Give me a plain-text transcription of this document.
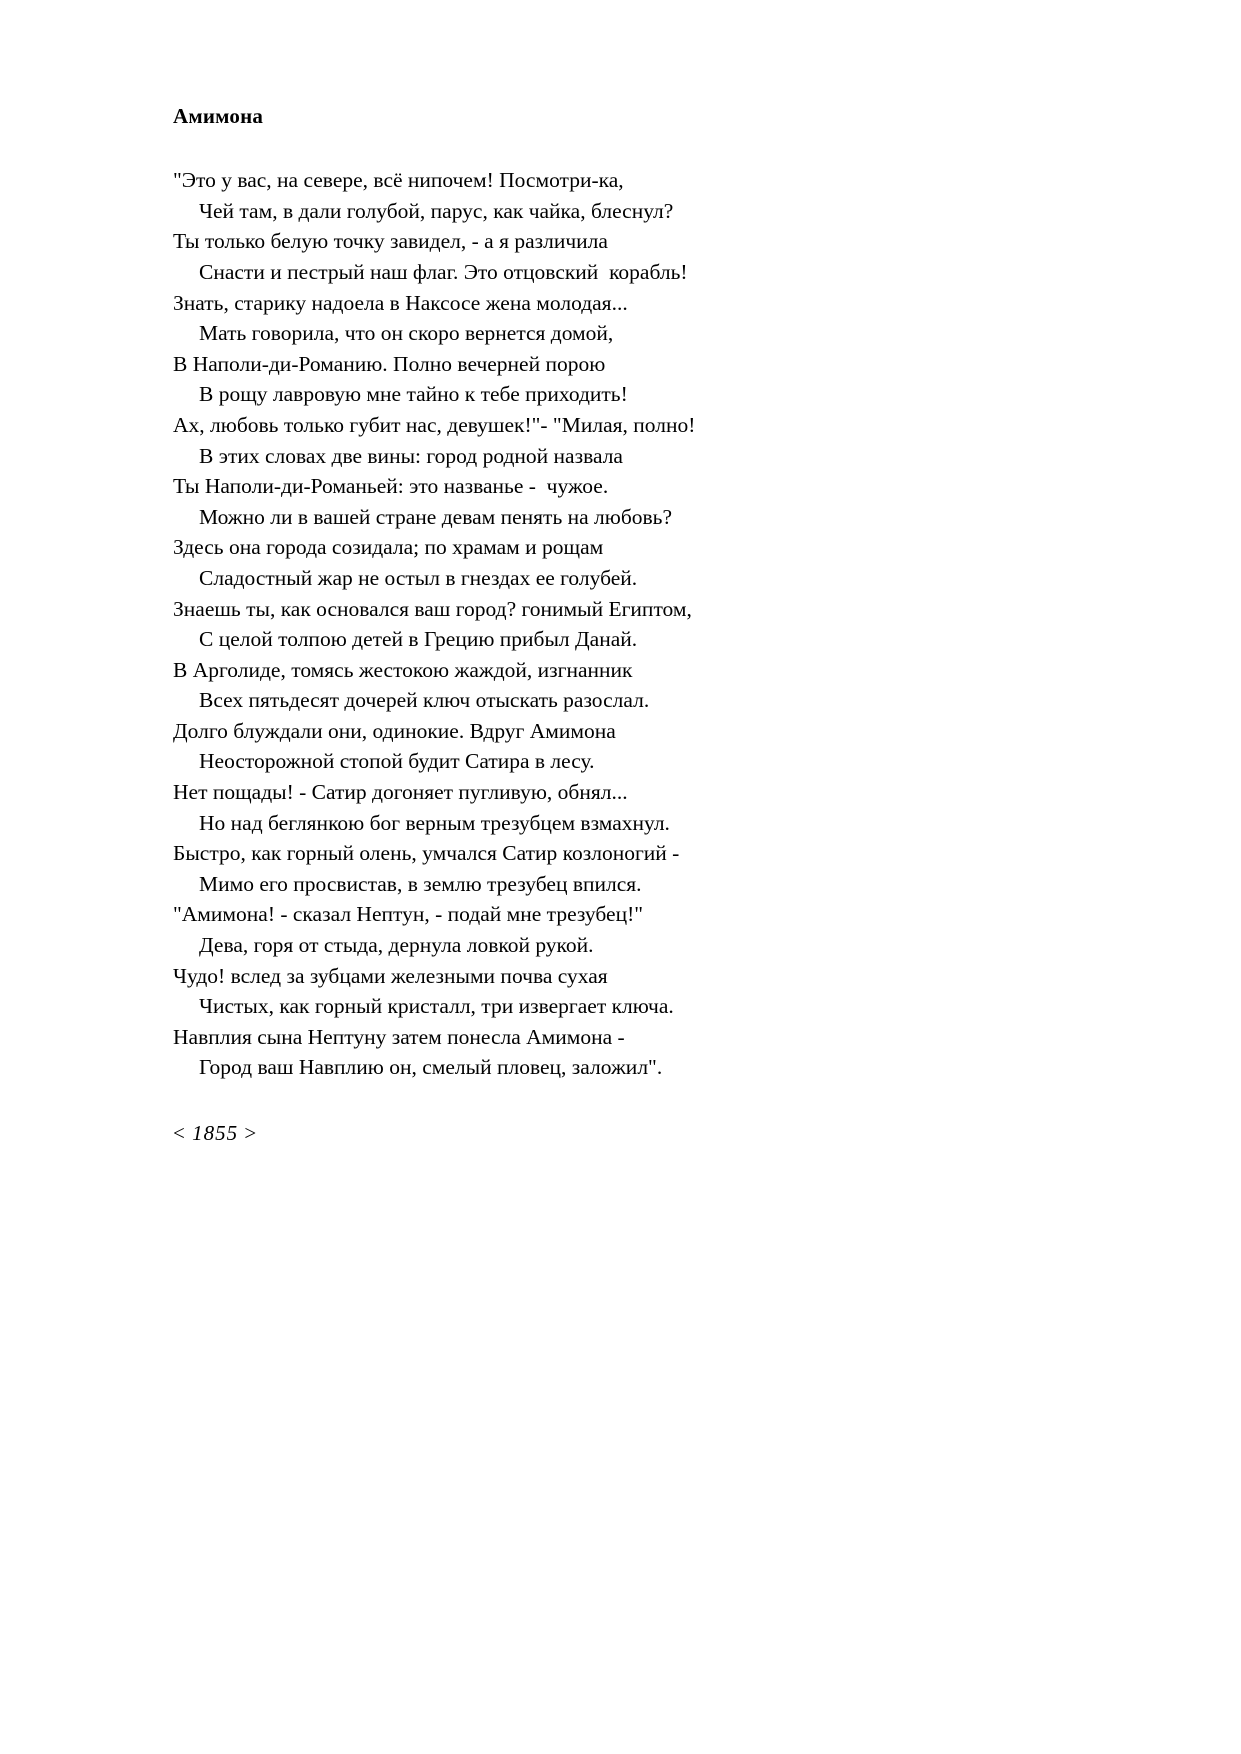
Амимона
"Это у вас, на севере, всё нипочем! Посмотри-ка,
Чей там, в дали голубой, парус, как чайка, блеснул?
Ты только белую точку завидел, - а я различила
Снасти и пестрый наш флаг. Это отцовский  корабль!
Знать, старику надоела в Наксосе жена молодая...
Мать говорила, что он скоро вернется домой,
В Наполи-ди-Романию. Полно вечерней порою
В рощу лавровую мне тайно к тебе приходить!
Ах, любовь только губит нас, девушек!"- "Милая, полно!
В этих словах две вины: город родной назвала
Ты Наполи-ди-Романьей: это названье -  чужое.
Можно ли в вашей стране девам пенять на любовь?
Здесь она города созидала; по храмам и рощам
Сладостный жар не остыл в гнездах ее голубей.
Знаешь ты, как основался ваш город? гонимый Египтом,
С целой толпою детей в Грецию прибыл Данай.
В Арголиде, томясь жестокою жаждой, изгнанник
Всех пятьдесят дочерей ключ отыскать разослал.
Долго блуждали они, одинокие. Вдруг Амимона
Неосторожной стопой будит Сатира в лесу.
Нет пощады! - Сатир догоняет пугливую, обнял...
Но над беглянкою бог верным трезубцем взмахнул.
Быстро, как горный олень, умчался Сатир козлоногий -
Мимо его просвистав, в землю трезубец впился.
"Амимона! - сказал Нептун, - подай мне трезубец!"
Дева, горя от стыда, дернула ловкой рукой.
Чудо! вслед за зубцами железными почва сухая
Чистых, как горный кристалл, три извергает ключа.
Навплия сына Нептуну затем понесла Амимона -
Город ваш Навплию он, смелый пловец, заложил".
< 1855 >
